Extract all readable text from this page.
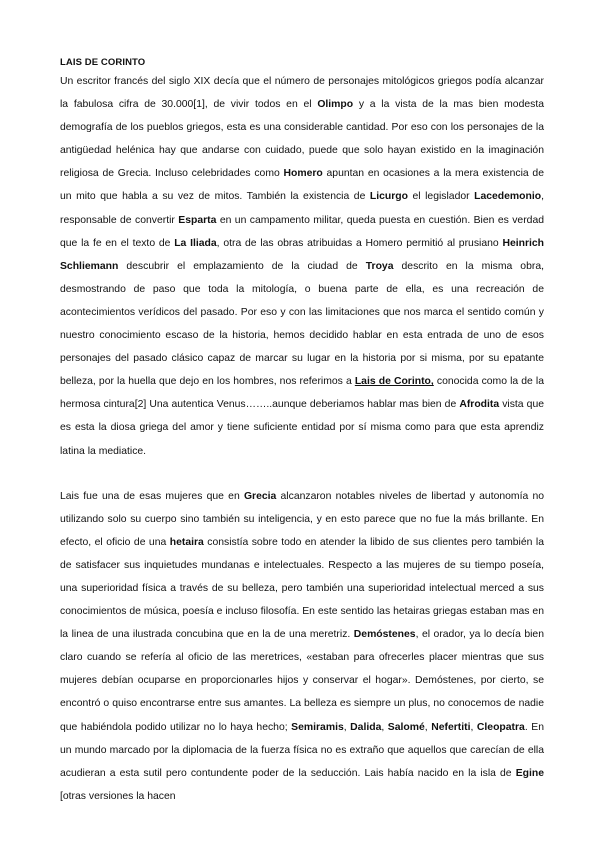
LAIS DE CORINTO

Un escritor francés del siglo XIX decía que el número de personajes mitológicos griegos podía alcanzar la fabulosa cifra de 30.000[1], de vivir todos en el Olimpo y a la vista de la mas bien modesta demografía de los pueblos griegos, esta es una considerable cantidad. Por eso con los personajes de la antigüedad helénica hay que andarse con cuidado, puede que solo hayan existido en la imaginación religiosa de Grecia. Incluso celebridades como Homero apuntan en ocasiones a la mera existencia de un mito que habla a su vez de mitos. También la existencia de Licurgo el legislador Lacedemonio, responsable de convertir Esparta en un campamento militar, queda puesta en cuestión. Bien es verdad que la fe en el texto de La Iliada, otra de las obras atribuidas a Homero permitió al prusiano Heinrich Schliemann descubrir el emplazamiento de la ciudad de Troya descrito en la misma obra, desmostrando de paso que toda la mitología, o buena parte de ella, es una recreación de acontecimientos verídicos del pasado. Por eso y con las limitaciones que nos marca el sentido común y nuestro conocimiento escaso de la historia, hemos decidido hablar en esta entrada de uno de esos personajes del pasado clásico capaz de marcar su lugar en la historia por si misma, por su epatante belleza, por la huella que dejo en los hombres, nos referimos a Lais de Corinto, conocida como la de la hermosa cintura[2] Una autentica Venus……..aunque deberiamos hablar mas bien de Afrodita vista que es esta la diosa griega del amor y tiene suficiente entidad por sí misma como para que esta aprendiz latina la mediatice.

Lais fue una de esas mujeres que en Grecia alcanzaron notables niveles de libertad y autonomía no utilizando solo su cuerpo sino también su inteligencia, y en esto parece que no fue la más brillante. En efecto, el oficio de una hetaira consistía sobre todo en atender la libido de sus clientes pero también la de satisfacer sus inquietudes mundanas e intelectuales. Respecto a las mujeres de su tiempo poseía, una superioridad física a través de su belleza, pero también una superioridad intelectual merced a sus conocimientos de música, poesía e incluso filosofía. En este sentido las hetairas griegas estaban mas en la linea de una ilustrada concubina que en la de una meretriz. Demóstenes, el orador, ya lo decía bien claro cuando se refería al oficio de las meretrices, «estaban para ofrecerles placer mientras que sus mujeres debían ocuparse en proporcionarles hijos y conservar el hogar». Demóstenes, por cierto, se encontró o quiso encontrarse entre sus amantes. La belleza es siempre un plus, no conocemos de nadie que habiéndola podido utilizar no lo haya hecho; Semiramis, Dalida, Salomé, Nefertiti, Cleopatra. En un mundo marcado por la diplomacia de la fuerza física no es extraño que aquellos que carecían de ella acudieran a esta sutil pero contundente poder de la seducción. Lais había nacido en la isla de Egine [otras versiones la hacen
